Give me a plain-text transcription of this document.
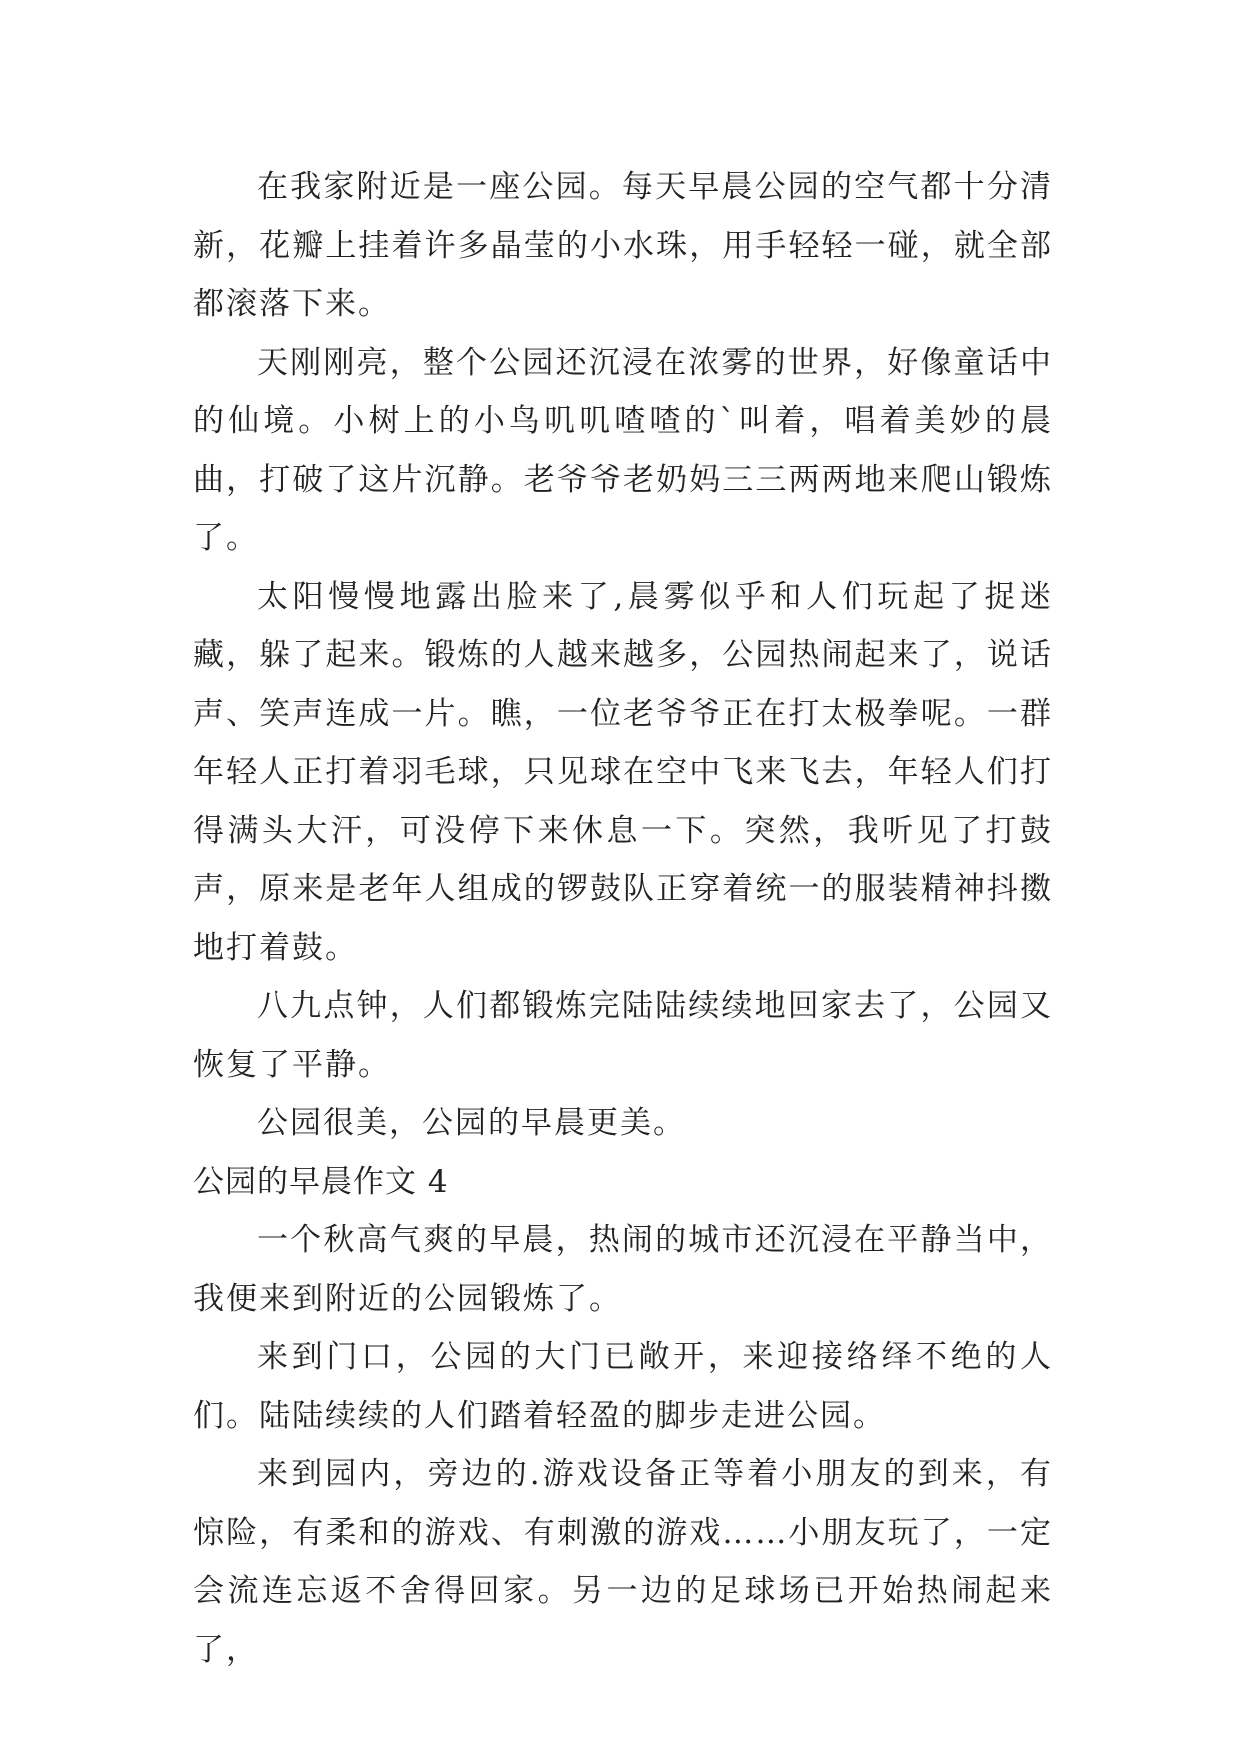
在我家附近是一座公园。每天早晨公园的空气都十分清新，花瓣上挂着许多晶莹的小水珠，用手轻轻一碰，就全部都滚落下来。

天刚刚亮，整个公园还沉浸在浓雾的世界，好像童话中的仙境。小树上的小鸟叽叽喳喳的`叫着，唱着美妙的晨曲，打破了这片沉静。老爷爷老奶妈三三两两地来爬山锻炼了。

太阳慢慢地露出脸来了,晨雾似乎和人们玩起了捉迷藏，躲了起来。锻炼的人越来越多，公园热闹起来了，说话声、笑声连成一片。瞧，一位老爷爷正在打太极拳呢。一群年轻人正打着羽毛球，只见球在空中飞来飞去，年轻人们打得满头大汗，可没停下来休息一下。突然，我听见了打鼓声，原来是老年人组成的锣鼓队正穿着统一的服装精神抖擞地打着鼓。

八九点钟，人们都锻炼完陆陆续续地回家去了，公园又恢复了平静。

公园很美，公园的早晨更美。

公园的早晨作文 4

一个秋高气爽的早晨，热闹的城市还沉浸在平静当中，我便来到附近的公园锻炼了。

来到门口，公园的大门已敞开，来迎接络绎不绝的人们。陆陆续续的人们踏着轻盈的脚步走进公园。

来到园内，旁边的.游戏设备正等着小朋友的到来，有惊险，有柔和的游戏、有刺激的游戏……小朋友玩了，一定会流连忘返不舍得回家。另一边的足球场已开始热闹起来了，
